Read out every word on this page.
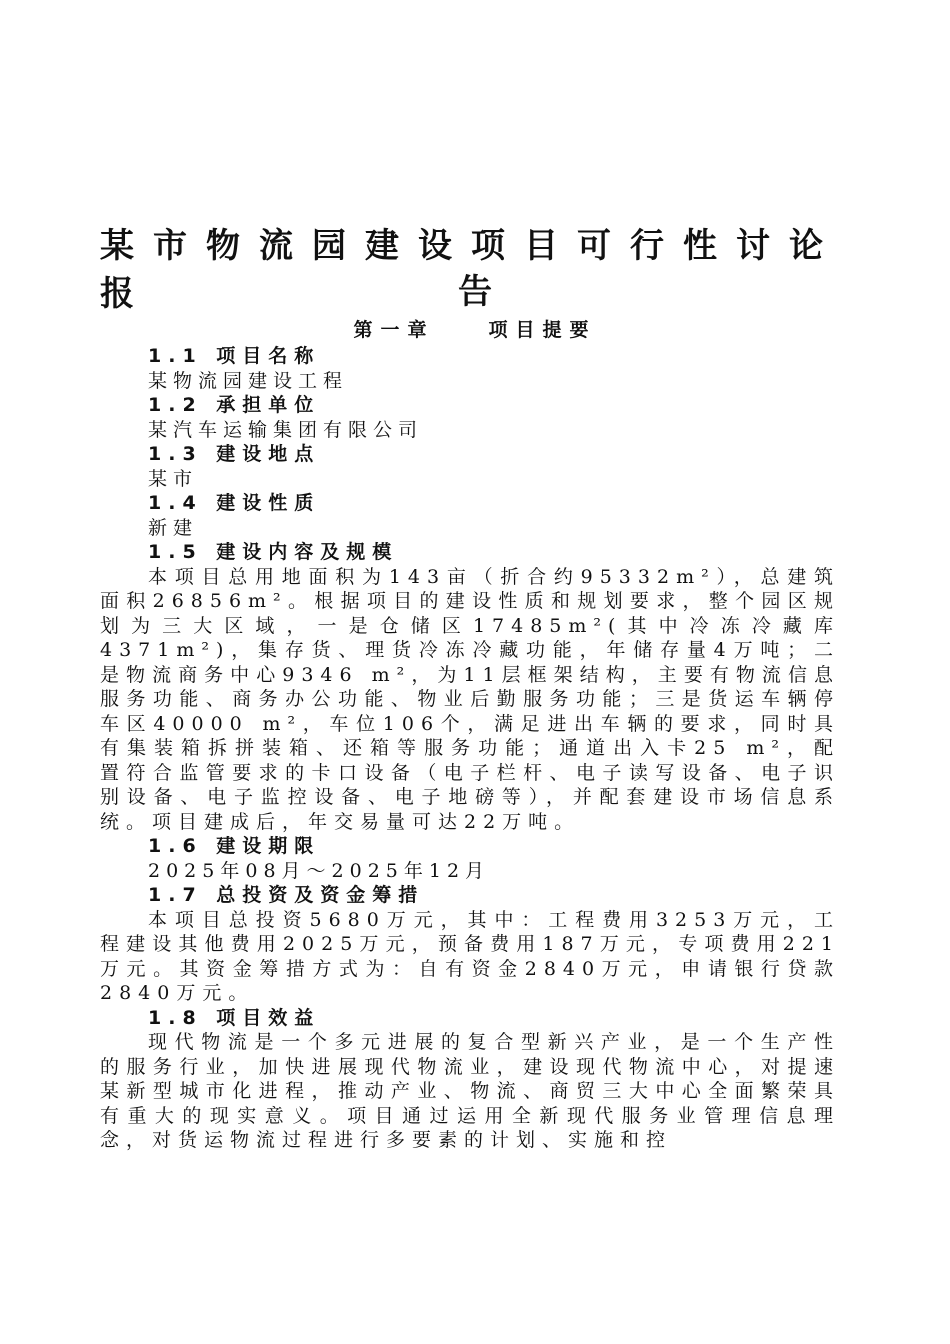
某市物流园建设项目可行性讨论报	告
第一章　　项目提要
1.1 项目名称
某物流园建设工程
1.2 承担单位
某汽车运输集团有限公司
1.3 建设地点
某市
1.4 建设性质
新建
1.5 建设内容及规模

本项目总用地面积为143亩（折合约95332m²），总建筑面积26856m²。根据项目的建设性质和规划要求，整个园区规划为三大区域，一是仓储区17485m²(其中冷冻冷藏库4371m²)，集存货、理货冷冻冷藏功能，年储存量4万吨；二是物流商务中心9346 m²，为11层框架结构，主要有物流信息服务功能、商务办公功能、物业后勤服务功能；三是货运车辆停车区40000 m²，车位106个，满足进出车辆的要求，同时具有集装箱拆拼装箱、还箱等服务功能；通道出入卡25 m²，配置符合监管要求的卡口设备（电子栏杆、电子读写设备、电子识别设备、电子监控设备、电子地磅等），并配套建设市场信息系统。项目建成后，年交易量可达22万吨。

1.6 建设期限
2025年08月～2025年12月
1.7 总投资及资金筹措

本项目总投资5680万元，其中：工程费用3253万元，工程建设其他费用2025万元，预备费用187万元，专项费用221万元。其资金筹措方式为：自有资金2840万元，申请银行贷款2840万元。

1.8 项目效益

现代物流是一个多元进展的复合型新兴产业，是一个生产性的服务行业，加快进展现代物流业，建设现代物流中心，对提速某新型城市化进程，推动产业、物流、商贸三大中心全面繁荣具有重大的现实意义。项目通过运用全新现代服务业管理信息理念，对货运物流过程进行多要素的计划、实施和控
